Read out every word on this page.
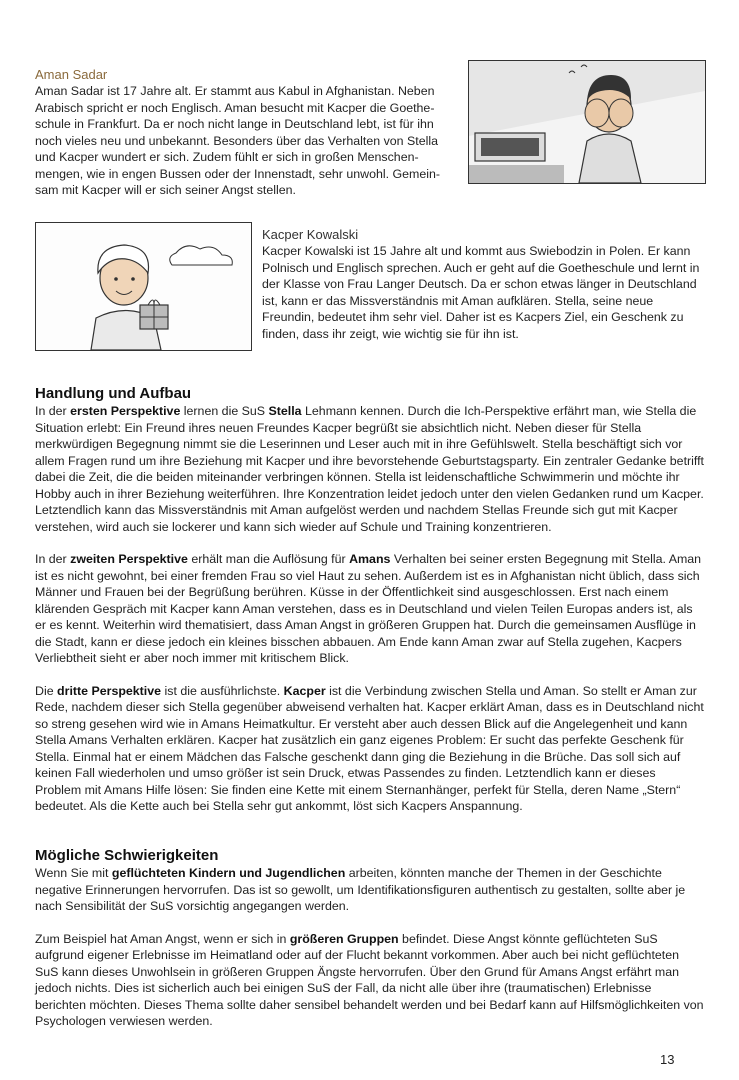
Aman Sadar

Aman Sadar ist 17 Jahre alt. Er stammt aus Kabul in Afghanistan. Neben Arabisch spricht er noch Englisch. Aman besucht mit Kacper die Goethe-schule in Frankfurt. Da er noch nicht lange in Deutschland lebt, ist für ihn noch vieles neu und unbekannt. Besonders über das Verhalten von Stella und Kacper wundert er sich. Zudem fühlt er sich in großen Menschen-mengen, wie in engen Bussen oder der Innenstadt, sehr unwohl. Gemein-sam mit Kacper will er sich seiner Angst stellen.

Kacper Kowalski

Kacper Kowalski ist 15 Jahre alt und kommt aus Swiebodzin in Polen. Er kann Polnisch und Englisch sprechen. Auch er geht auf die Goetheschule und lernt in der Klasse von Frau Langer Deutsch. Da er schon etwas länger in Deutschland ist, kann er das Missverständnis mit Aman aufklären. Stella, seine neue Freundin, bedeutet ihm sehr viel. Daher ist es Kacpers Ziel, ein Geschenk zu finden, dass ihr zeigt, wie wichtig sie für ihn ist.

Handlung und Aufbau

In der ersten Perspektive lernen die SuS Stella Lehmann kennen. Durch die Ich-Perspektive erfährt man, wie Stella die Situation erlebt: Ein Freund ihres neuen Freundes Kacper begrüßt sie absichtlich nicht. Neben dieser für Stella merkwürdigen Begegnung nimmt sie die Leserinnen und Leser auch mit in ihre Gefühlswelt. Stella beschäftigt sich vor allem Fragen rund um ihre Beziehung mit Kacper und ihre bevorstehende Geburtstagsparty. Ein zentraler Gedanke betrifft dabei die Zeit, die die beiden miteinander verbringen können. Stella ist leidenschaftliche Schwimmerin und möchte ihr Hobby auch in ihrer Beziehung weiterführen. Ihre Konzentration leidet jedoch unter den vielen Gedanken rund um Kacper. Letztendlich kann das Missverständnis mit Aman aufgelöst werden und nachdem Stellas Freunde sich gut mit Kacper verstehen, wird auch sie lockerer und kann sich wieder auf Schule und Training konzentrieren.

In der zweiten Perspektive erhält man die Auflösung für Amans Verhalten bei seiner ersten Begegnung mit Stella. Aman ist es nicht gewohnt, bei einer fremden Frau so viel Haut zu sehen. Außerdem ist es in Afghanistan nicht üblich, dass sich Männer und Frauen bei der Begrüßung berühren. Küsse in der Öffentlichkeit sind ausgeschlossen. Erst nach einem klärenden Gespräch mit Kacper kann Aman verstehen, dass es in Deutschland und vielen Teilen Europas anders ist, als er es kennt. Weiterhin wird thematisiert, dass Aman Angst in größeren Gruppen hat. Durch die gemeinsamen Ausflüge in die Stadt, kann er diese jedoch ein kleines bisschen abbauen. Am Ende kann Aman zwar auf Stella zugehen, Kacpers Verliebtheit sieht er aber noch immer mit kritischem Blick.

Die dritte Perspektive ist die ausführlichste. Kacper ist die Verbindung zwischen Stella und Aman. So stellt er Aman zur Rede, nachdem dieser sich Stella gegenüber abweisend verhalten hat. Kacper erklärt Aman, dass es in Deutschland nicht so streng gesehen wird wie in Amans Heimatkultur. Er versteht aber auch dessen Blick auf die Angelegenheit und kann Stella Amans Verhalten erklären. Kacper hat zusätzlich ein ganz eigenes Problem: Er sucht das perfekte Geschenk für Stella. Einmal hat er einem Mädchen das Falsche geschenkt dann ging die Beziehung in die Brüche. Das soll sich auf keinen Fall wiederholen und umso größer ist sein Druck, etwas Passendes zu finden. Letztendlich kann er dieses Problem mit Amans Hilfe lösen: Sie finden eine Kette mit einem Sternanhänger, perfekt für Stella, deren Name „Stern“ bedeutet. Als die Kette auch bei Stella sehr gut ankommt, löst sich Kacpers Anspannung.

Mögliche Schwierigkeiten

Wenn Sie mit geflüchteten Kindern und Jugendlichen arbeiten, könnten manche der Themen in der Geschichte negative Erinnerungen hervorrufen. Das ist so gewollt, um Identifikationsfiguren authentisch zu gestalten, sollte aber je nach Sensibilität der SuS vorsichtig angegangen werden.

Zum Beispiel hat Aman Angst, wenn er sich in größeren Gruppen befindet. Diese Angst könnte geflüchteten SuS aufgrund eigener Erlebnisse im Heimatland oder auf der Flucht bekannt vorkommen. Aber auch bei nicht geflüchteten SuS kann dieses Unwohlsein in größeren Gruppen Ängste hervorrufen. Über den Grund für Amans Angst erfährt man jedoch nichts. Dies ist sicherlich auch bei einigen SuS der Fall, da nicht alle über ihre (traumatischen) Erlebnisse berichten möchten. Dieses Thema sollte daher sensibel behandelt werden und bei Bedarf kann auf Hilfsmöglichkeiten von Psychologen verwiesen werden.

13
